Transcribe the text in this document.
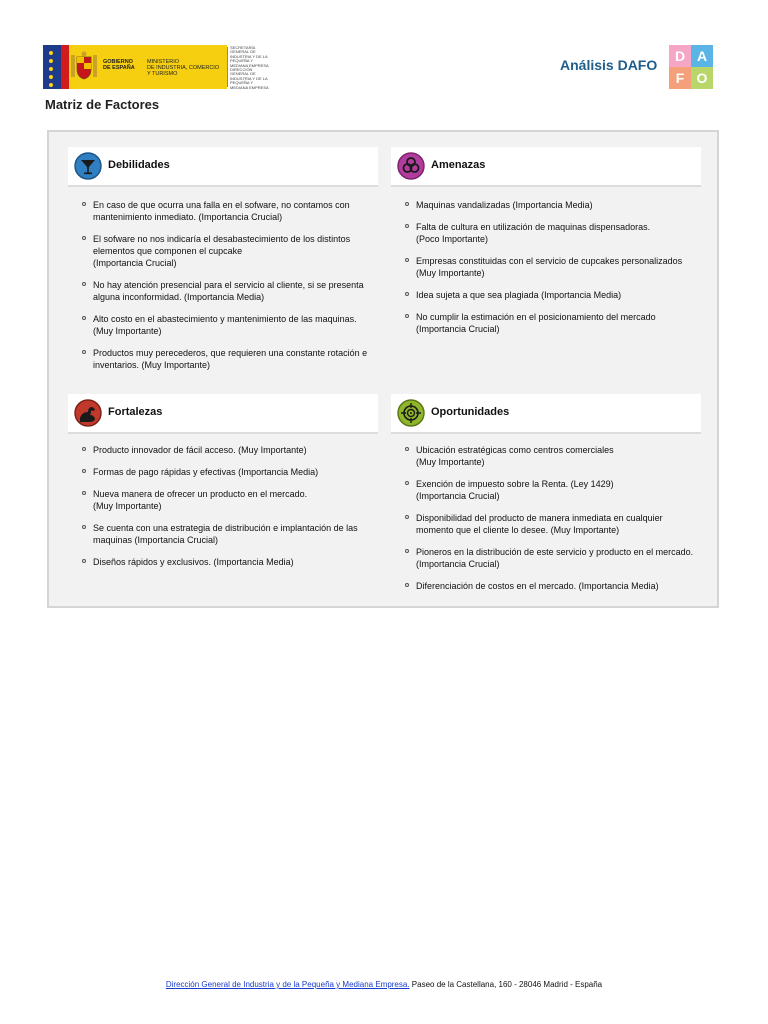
GOBIERNO
DE ESPAÑA
MINISTERIO
DE INDUSTRIA, COMERCIO
Y TURISMO
SECRETARÍA GENERAL DE INDUSTRIA Y DE LA PEQUEÑA Y MEDIANA EMPRESA
DIRECCIÓN GENERAL DE INDUSTRIA Y DE LA PEQUEÑA Y MEDIANA EMPRESA
Análisis DAFO
D A
F O
Matriz de Factores
Debilidades
En caso de que ocurra una falla en el sofware, no contamos con mantenimiento inmediato. (Importancia Crucial)
El sofware no nos indicaría el desabastecimiento de los distintos elementos que componen el cupcake
(Importancia Crucial)
No hay atención presencial para el servicio al cliente, si se presenta alguna inconformidad. (Importancia Media)
Alto costo en el abastecimiento y mantenimiento de las maquinas. (Muy Importante)
Productos muy perecederos, que requieren una constante rotación e inventarios. (Muy Importante)
Amenazas
Maquinas vandalizadas (Importancia Media)
Falta de cultura en utilización de maquinas dispensadoras.
(Poco Importante)
Empresas constituidas con el servicio de cupcakes personalizados (Muy Importante)
Idea sujeta a que sea plagiada (Importancia Media)
No cumplir la estimación en el posicionamiento del mercado
(Importancia Crucial)
Fortalezas
Producto innovador de fácil acceso. (Muy Importante)
Formas de pago rápidas y efectivas (Importancia Media)
Nueva manera de ofrecer un producto en el mercado.
(Muy Importante)
Se cuenta con una estrategia de distribución e implantación de las maquinas (Importancia Crucial)
Diseños rápidos y exclusivos. (Importancia Media)
Oportunidades
Ubicación estratégicas como centros comerciales
(Muy Importante)
Exención de impuesto sobre la Renta. (Ley 1429)
(Importancia Crucial)
Disponibilidad del producto de manera inmediata en cualquier momento que el cliente lo desee. (Muy Importante)
Pioneros en la distribución de este servicio y producto en el mercado. (Importancia Crucial)
Diferenciación de costos en el mercado. (Importancia Media)
Dirección General de Industria y de la Pequeña y Mediana Empresa. Paseo de la Castellana, 160 - 28046 Madrid - España
